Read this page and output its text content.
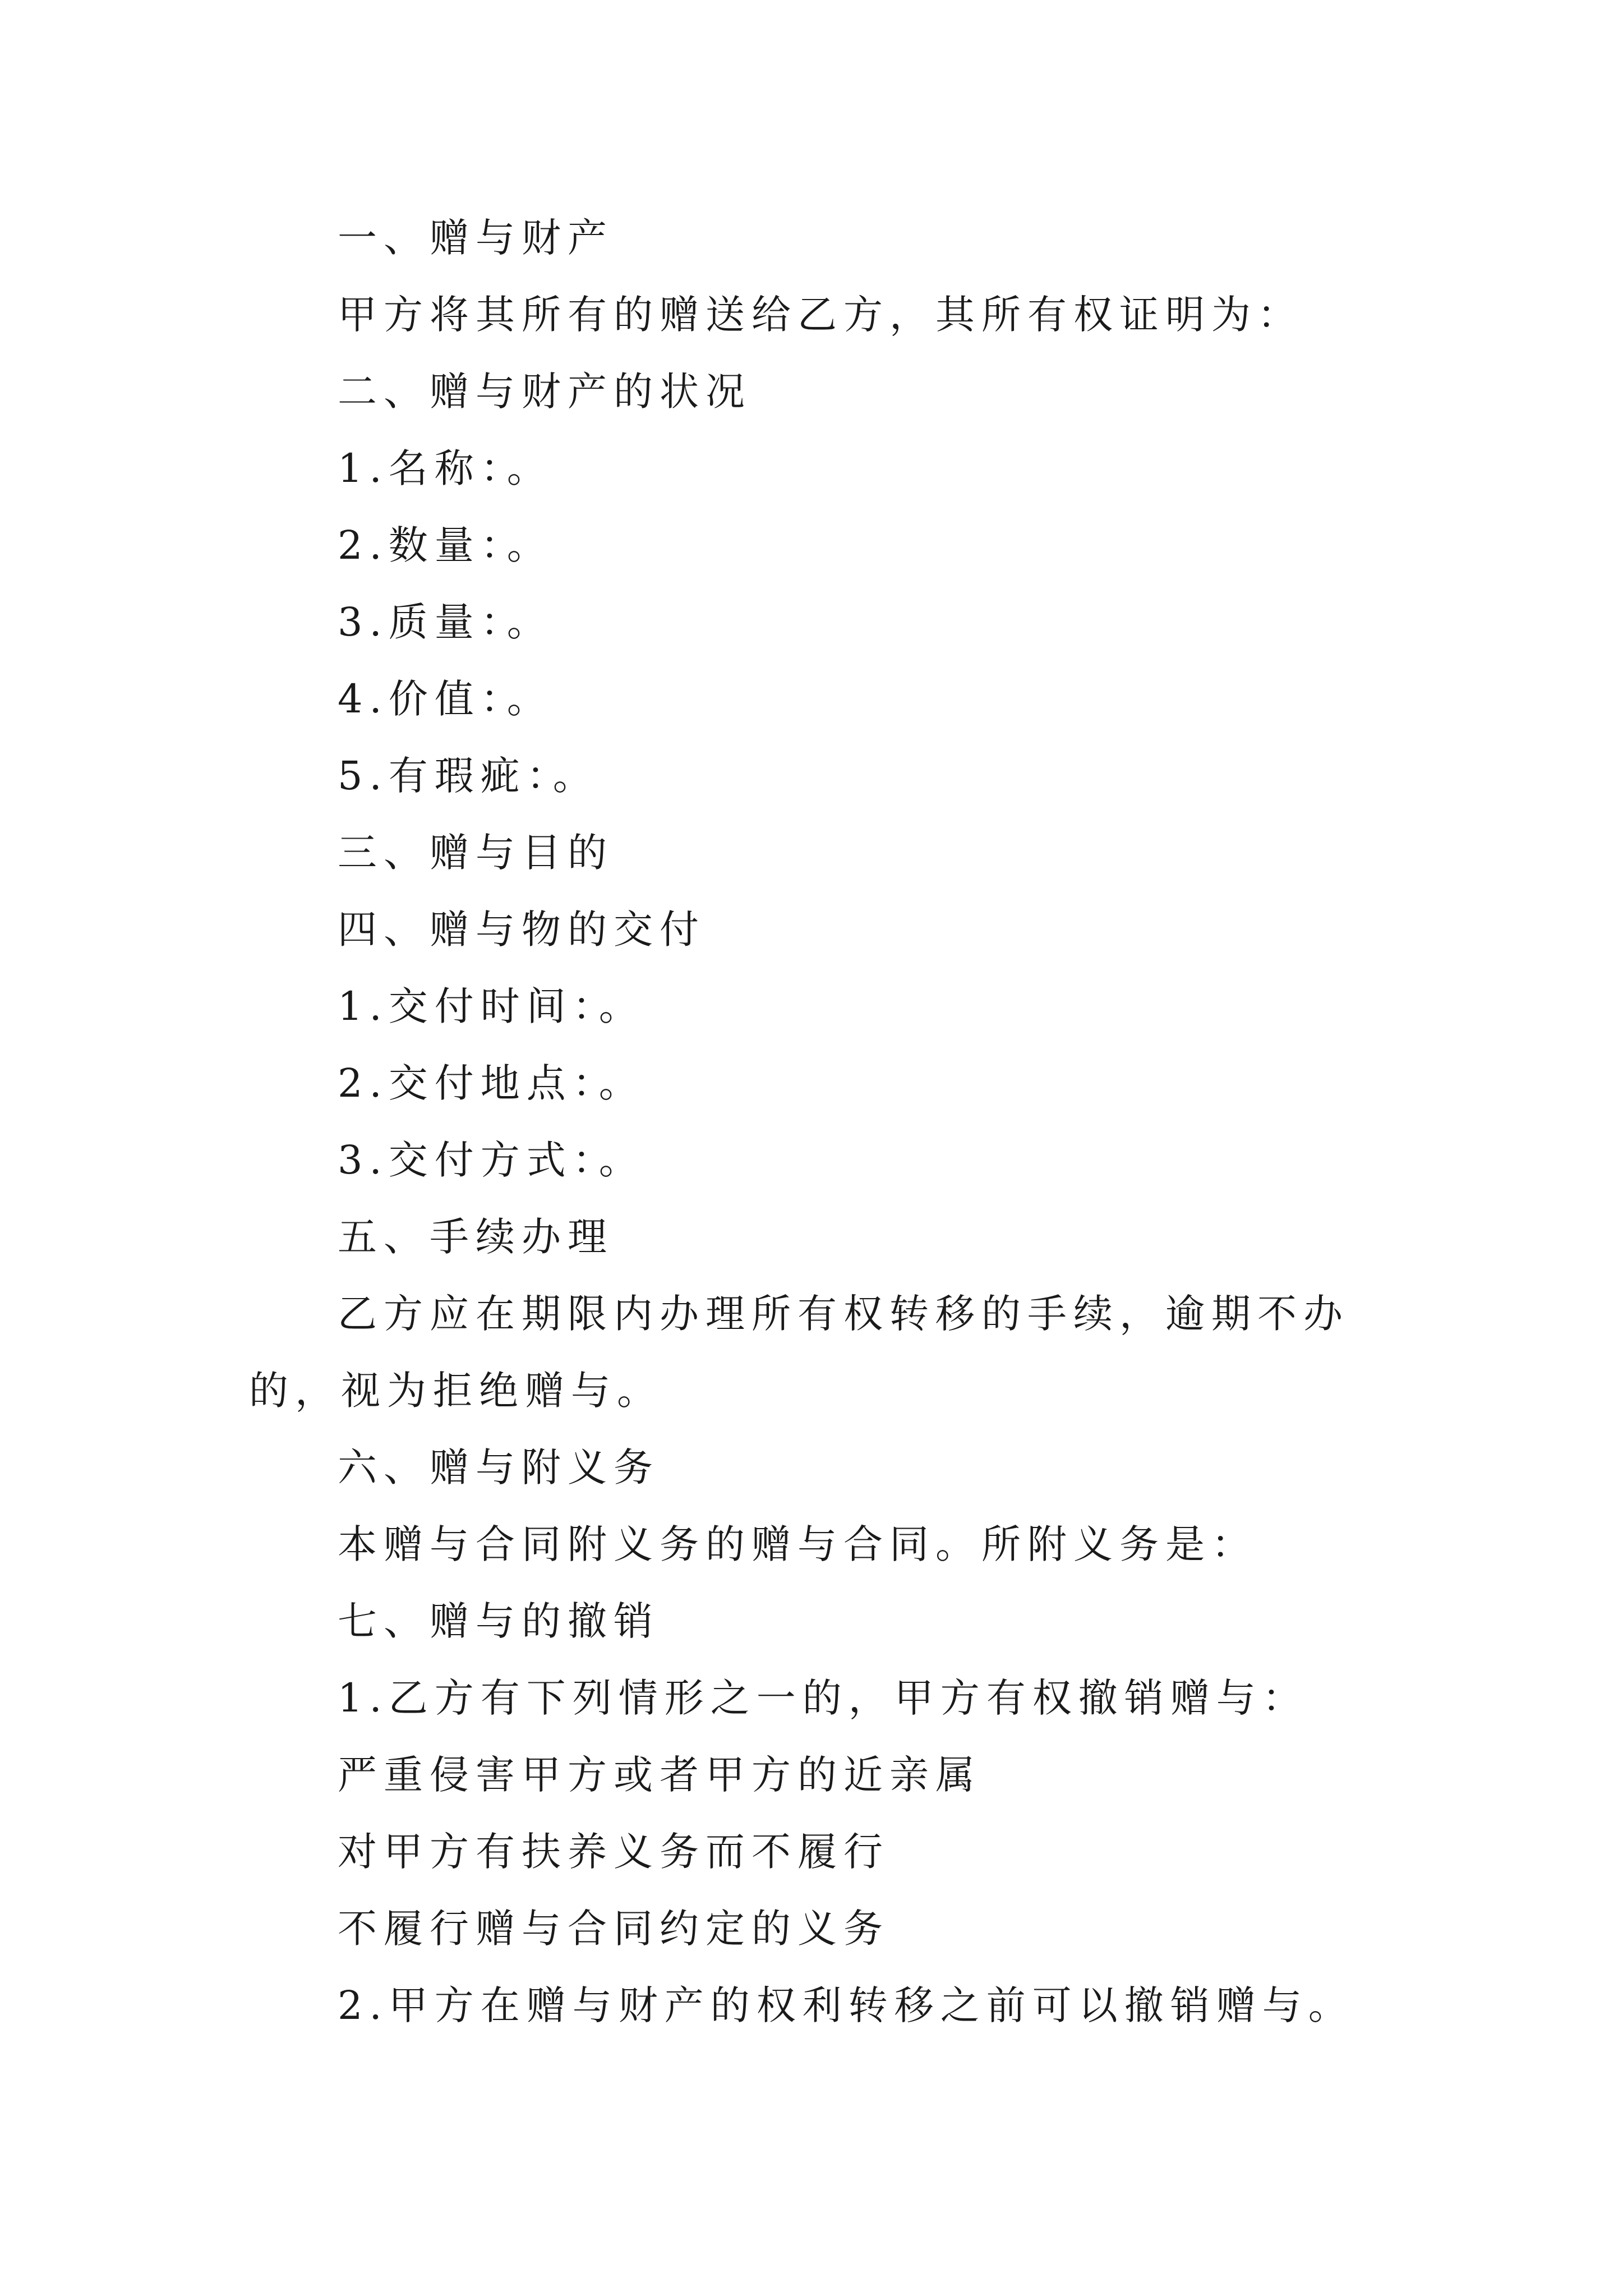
一、赠与财产
甲方将其所有的赠送给乙方，其所有权证明为：
二、赠与财产的状况
1.名称：。
2.数量：。
3.质量：。
4.价值：。
5.有瑕疵：。
三、赠与目的
四、赠与物的交付
1.交付时间：。
2.交付地点：。
3.交付方式：。
五、手续办理
乙方应在期限内办理所有权转移的手续，逾期不办的，视为拒绝赠与。
六、赠与附义务
本赠与合同附义务的赠与合同。所附义务是：
七、赠与的撤销
1.乙方有下列情形之一的，甲方有权撤销赠与：
严重侵害甲方或者甲方的近亲属
对甲方有扶养义务而不履行
不履行赠与合同约定的义务
2.甲方在赠与财产的权利转移之前可以撤销赠与。
